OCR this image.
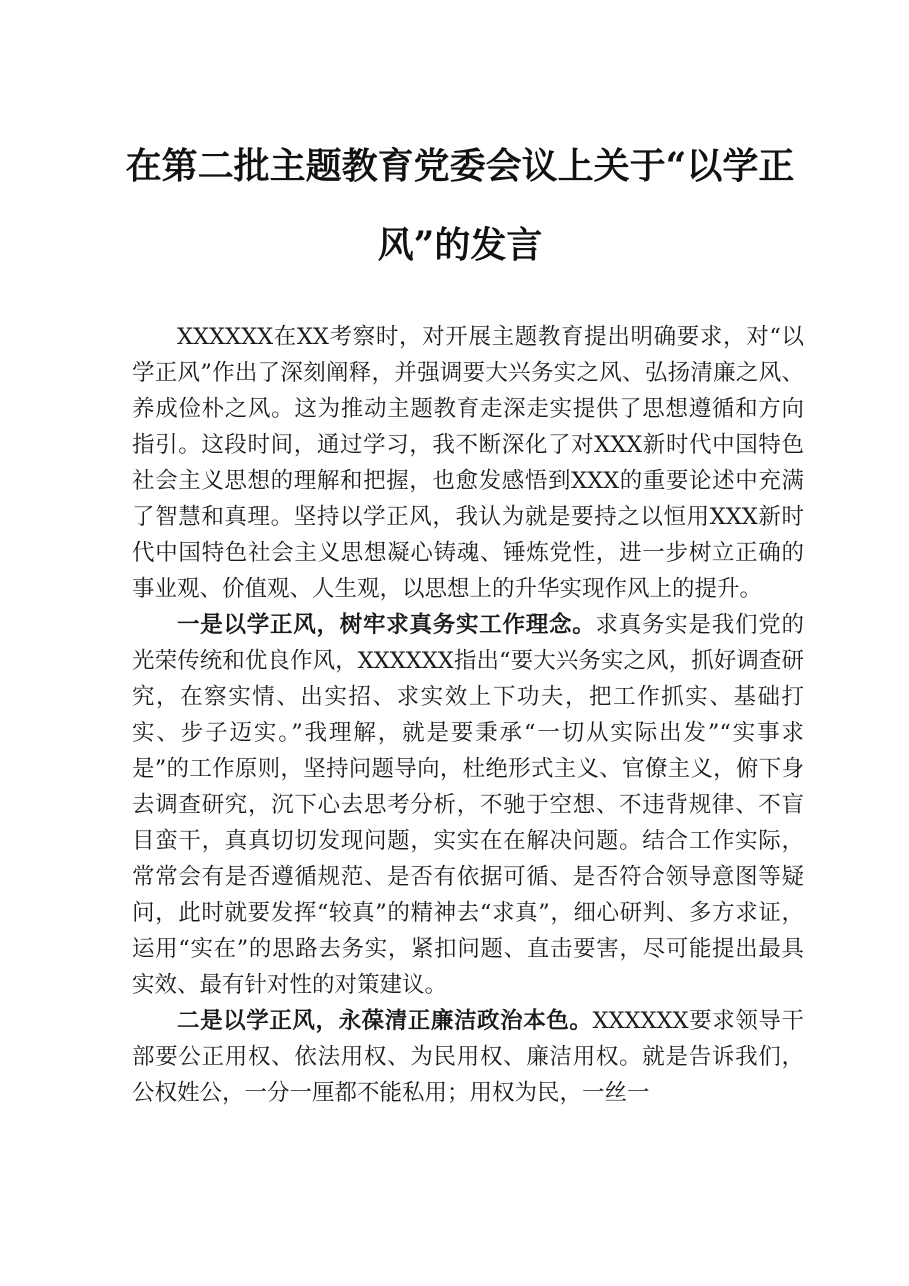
在第二批主题教育党委会议上关于“以学正
风”的发言

XXXXXX在XX考察时，对开展主题教育提出明确要求，对“以学正风”作出了深刻阐释，并强调要大兴务实之风、弘扬清廉之风、养成俭朴之风。这为推动主题教育走深走实提供了思想遵循和方向指引。这段时间，通过学习，我不断深化了对XXX新时代中国特色社会主义思想的理解和把握，也愈发感悟到XXX的重要论述中充满了智慧和真理。坚持以学正风，我认为就是要持之以恒用XXX新时代中国特色社会主义思想凝心铸魂、锤炼党性，进一步树立正确的事业观、价值观、人生观，以思想上的升华实现作风上的提升。

一是以学正风，树牢求真务实工作理念。求真务实是我们党的光荣传统和优良作风，XXXXXX指出“要大兴务实之风，抓好调查研究，在察实情、出实招、求实效上下功夫，把工作抓实、基础打实、步子迈实。”我理解，就是要秉承“一切从实际出发”“实事求是”的工作原则，坚持问题导向，杜绝形式主义、官僚主义，俯下身去调查研究，沉下心去思考分析，不驰于空想、不违背规律、不盲目蛮干，真真切切发现问题，实实在在解决问题。结合工作实际，常常会有是否遵循规范、是否有依据可循、是否符合领导意图等疑问，此时就要发挥“较真”的精神去“求真”，细心研判、多方求证，运用“实在”的思路去务实，紧扣问题、直击要害，尽可能提出最具实效、最有针对性的对策建议。

二是以学正风，永葆清正廉洁政治本色。XXXXXX要求领导干部要公正用权、依法用权、为民用权、廉洁用权。就是告诉我们，公权姓公，一分一厘都不能私用；用权为民，一丝一
